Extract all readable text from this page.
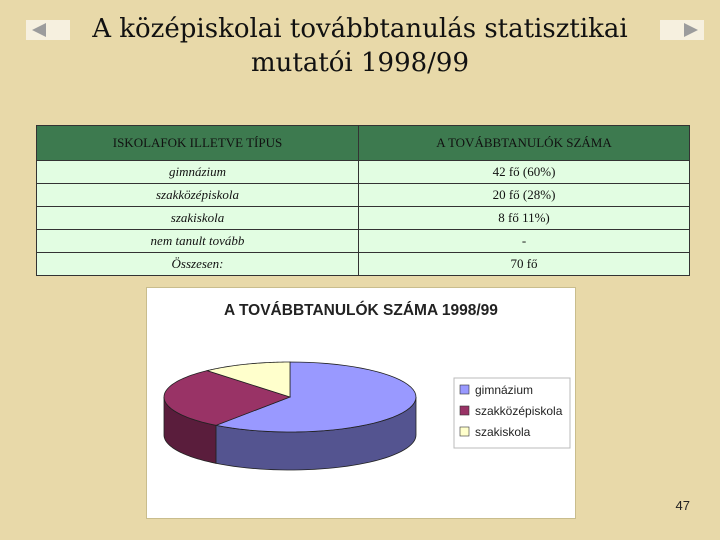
A középiskolai továbbtanulás statisztikai
mutatói 1998/99
ISKOLAFOK ILLETVE TÍPUS	A TOVÁBBTANULÓK SZÁMA
gimnázium	42 fő (60%)
szakközépiskola	20 fő (28%)
szakiskola	8 fő 11%)
nem tanult tovább	-
Összesen:	70 fő
A TOVÁBBTANULÓK SZÁMA 1998/99
gimnázium
szakközépiskola
szakiskola
47
